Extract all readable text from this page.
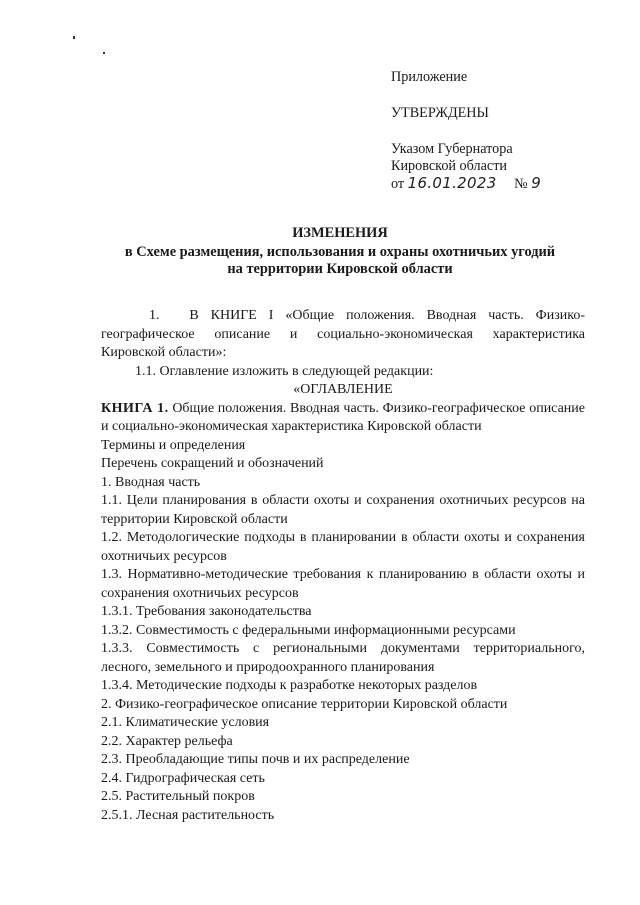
Приложение
УТВЕРЖДЕНЫ
Указом Губернатора
Кировской области
от 16.01.2023 № 9
ИЗМЕНЕНИЯ
в Схеме размещения, использования и охраны охотничьих угодий
на территории Кировской области

1.     В  КНИГЕ  I  «Общие  положения.  Вводная  часть.  Физико-

географическое описание и социально-экономическая характеристика Кировской области»:

1.1. Оглавление изложить в следующей редакции:

«ОГЛАВЛЕНИЕ

КНИГА 1. Общие положения. Вводная часть. Физико-географическое описание и социально-экономическая характеристика Кировской области

Термины и определения

Перечень сокращений и обозначений

1. Вводная часть

1.1. Цели планирования в области охоты и сохранения охотничьих ресурсов на территории Кировской области

1.2. Методологические подходы в планировании в области охоты и сохранения охотничьих ресурсов

1.3. Нормативно-методические требования к планированию в области охоты и сохранения охотничьих ресурсов

1.3.1. Требования законодательства

1.3.2. Совместимость с федеральными информационными ресурсами

1.3.3. Совместимость с региональными документами территориального, лесного, земельного и природоохранного планирования

1.3.4. Методические подходы к разработке некоторых разделов

2. Физико-географическое описание территории Кировской области

2.1. Климатические условия

2.2. Характер рельефа

2.3. Преобладающие типы почв и их распределение

2.4. Гидрографическая сеть

2.5. Растительный покров

2.5.1. Лесная растительность
